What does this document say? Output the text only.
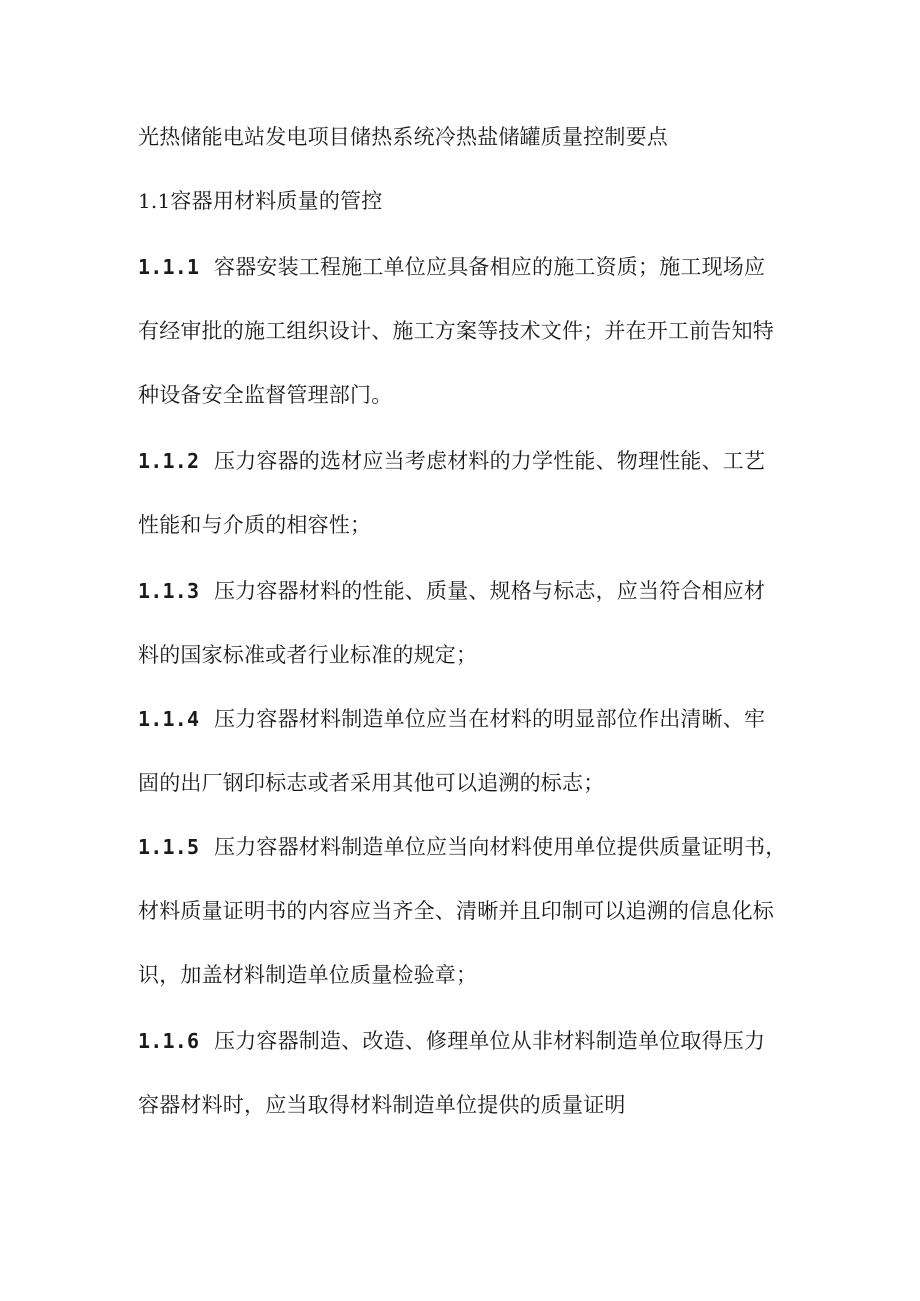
光热储能电站发电项目储热系统冷热盐储罐质量控制要点
1.1容器用材料质量的管控
1.1.1 容器安装工程施工单位应具备相应的施工资质；施工现场应
有经审批的施工组织设计、施工方案等技术文件；并在开工前告知特
种设备安全监督管理部门。
1.1.2 压力容器的选材应当考虑材料的力学性能、物理性能、工艺
性能和与介质的相容性；
1.1.3 压力容器材料的性能、质量、规格与标志，应当符合相应材
料的国家标准或者行业标准的规定；
1.1.4 压力容器材料制造单位应当在材料的明显部位作出清晰、牢
固的出厂钢印标志或者采用其他可以追溯的标志；
1.1.5 压力容器材料制造单位应当向材料使用单位提供质量证明书，
材料质量证明书的内容应当齐全、清晰并且印制可以追溯的信息化标
识，加盖材料制造单位质量检验章；
1.1.6 压力容器制造、改造、修理单位从非材料制造单位取得压力
容器材料时，应当取得材料制造单位提供的质量证明
